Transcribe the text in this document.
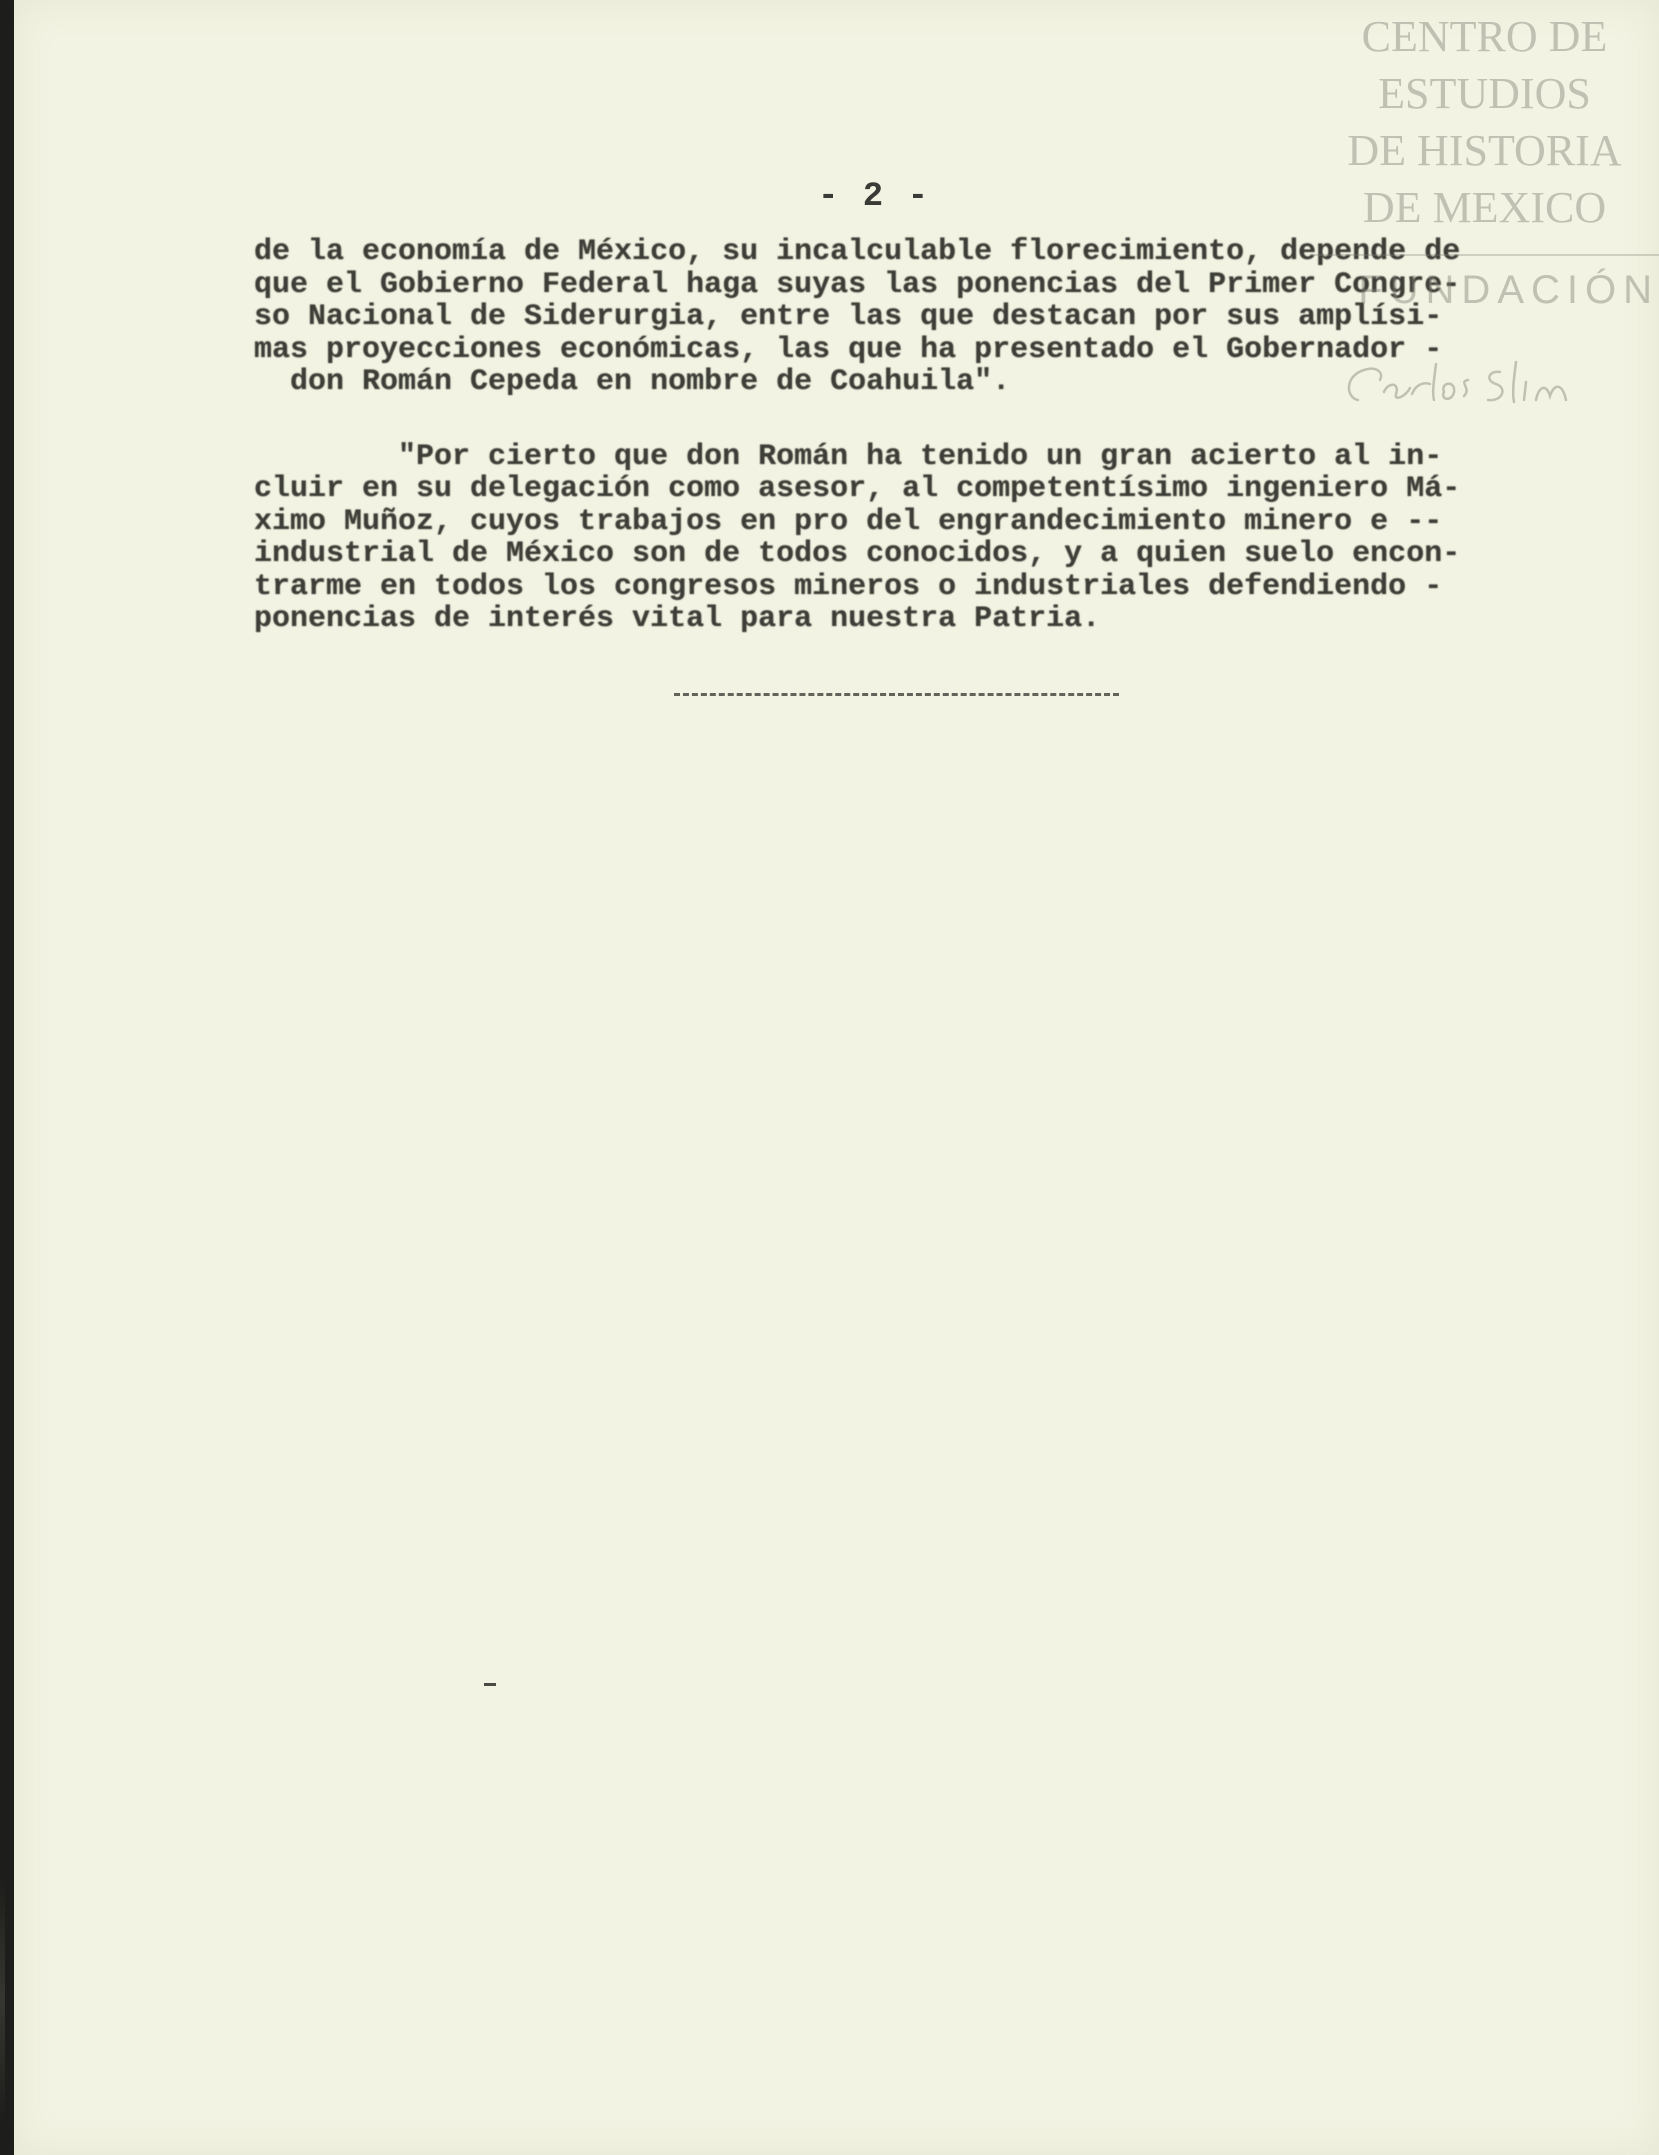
- 2 -
de la economía de México, su incalculable florecimiento, depende de
que el Gobierno Federal haga suyas las ponencias del Primer Congre-
so Nacional de Siderurgia, entre las que destacan por sus amplísi-
mas proyecciones económicas, las que ha presentado el Gobernador -
don Román Cepeda en nombre de Coahuila".
"Por cierto que don Román ha tenido un gran acierto al in-
cluir en su delegación como asesor, al competentísimo ingeniero Má-
ximo Muñoz, cuyos trabajos en pro del engrandecimiento minero e --
industrial de México son de todos conocidos, y a quien suelo encon-
trarme en todos los congresos mineros o industriales defendiendo -
ponencias de interés vital para nuestra Patria.
CENTRO DE
ESTUDIOS
DE HISTORIA
DE MEXICO
FUNDACIÓN
